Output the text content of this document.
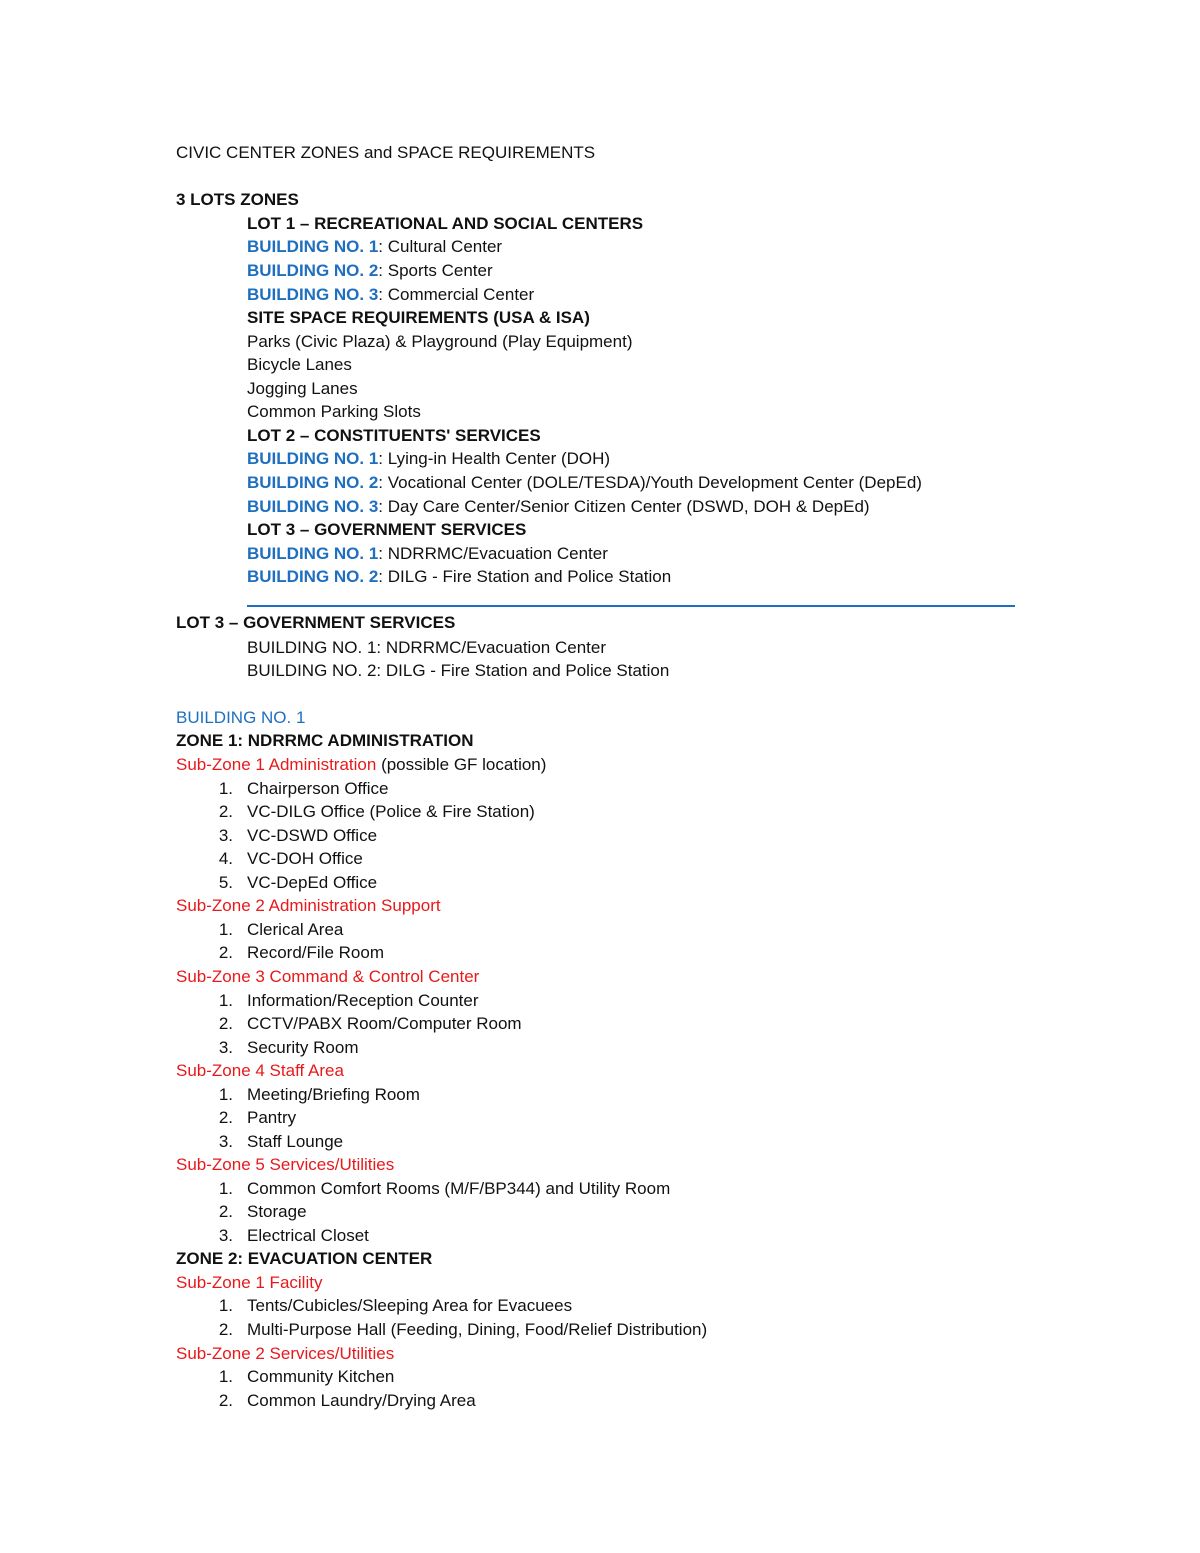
CIVIC CENTER ZONES and SPACE REQUIREMENTS
3 LOTS ZONES
LOT 1 – RECREATIONAL AND SOCIAL CENTERS
BUILDING NO. 1: Cultural Center
BUILDING NO. 2: Sports Center
BUILDING NO. 3: Commercial Center
SITE SPACE REQUIREMENTS (USA & ISA)
Parks (Civic Plaza) & Playground (Play Equipment)
Bicycle Lanes
Jogging Lanes
Common Parking Slots
LOT 2 – CONSTITUENTS' SERVICES
BUILDING NO. 1: Lying-in Health Center (DOH)
BUILDING NO. 2: Vocational Center (DOLE/TESDA)/Youth Development Center (DepEd)
BUILDING NO. 3: Day Care Center/Senior Citizen Center (DSWD, DOH & DepEd)
LOT 3 – GOVERNMENT SERVICES
BUILDING NO. 1: NDRRMC/Evacuation Center
BUILDING NO. 2: DILG - Fire Station and Police Station
LOT 3 – GOVERNMENT SERVICES
BUILDING NO. 1: NDRRMC/Evacuation Center
BUILDING NO. 2: DILG - Fire Station and Police Station
BUILDING NO. 1
ZONE 1: NDRRMC ADMINISTRATION
Sub-Zone 1 Administration (possible GF location)
1. Chairperson Office
2. VC-DILG Office (Police & Fire Station)
3. VC-DSWD Office
4. VC-DOH Office
5. VC-DepEd Office
Sub-Zone 2 Administration Support
1. Clerical Area
2. Record/File Room
Sub-Zone 3 Command & Control Center
1. Information/Reception Counter
2. CCTV/PABX Room/Computer Room
3. Security Room
Sub-Zone 4 Staff Area
1. Meeting/Briefing Room
2. Pantry
3. Staff Lounge
Sub-Zone 5 Services/Utilities
1. Common Comfort Rooms (M/F/BP344) and Utility Room
2. Storage
3. Electrical Closet
ZONE 2: EVACUATION CENTER
Sub-Zone 1 Facility
1. Tents/Cubicles/Sleeping Area for Evacuees
2. Multi-Purpose Hall (Feeding, Dining, Food/Relief Distribution)
Sub-Zone 2 Services/Utilities
1. Community Kitchen
2. Common Laundry/Drying Area
